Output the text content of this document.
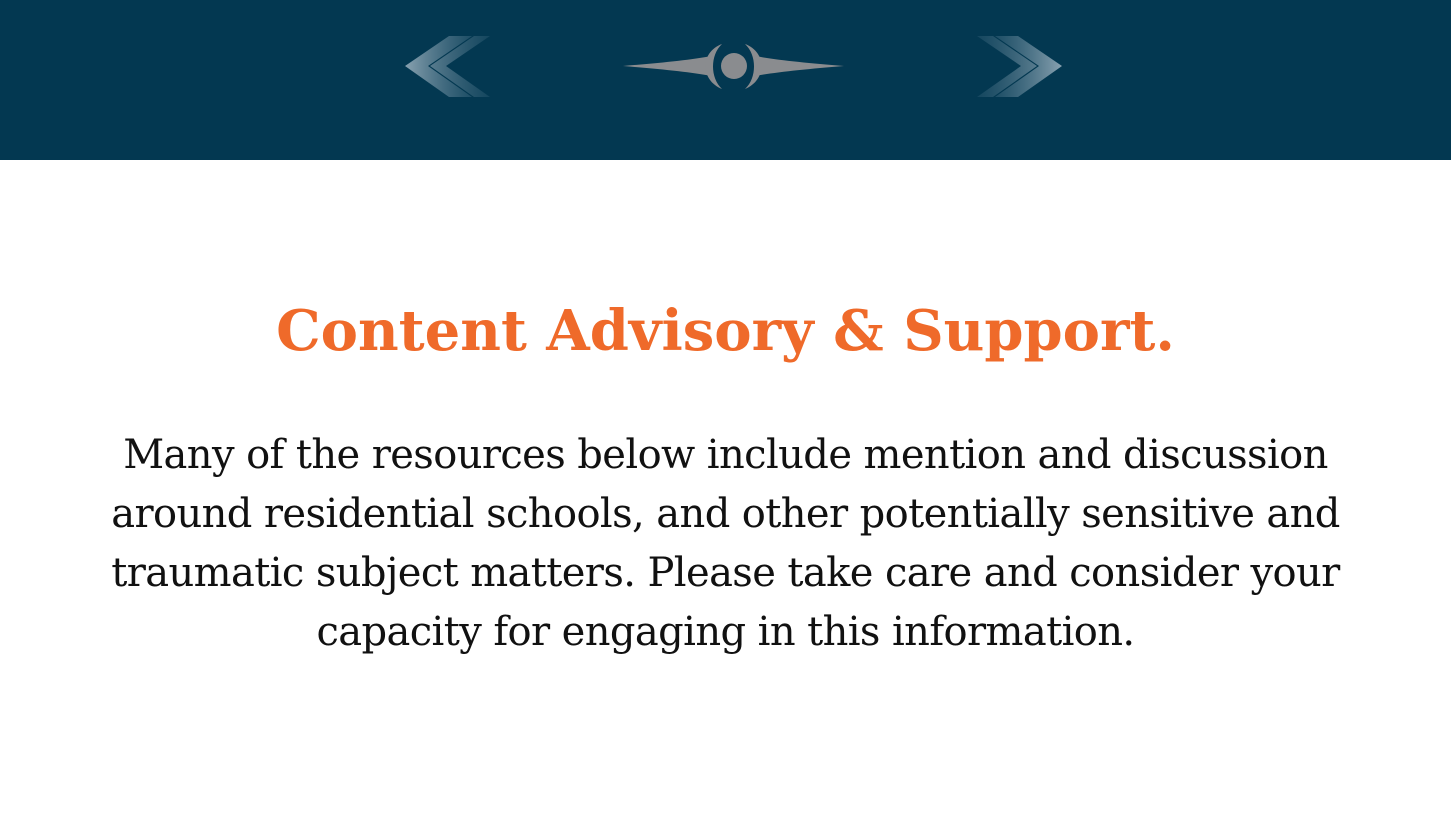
Content Advisory & Support.

Many of the resources below include mention and discussion around residential schools, and other potentially sensitive and traumatic subject matters. Please take care and consider your capacity for engaging in this information.
